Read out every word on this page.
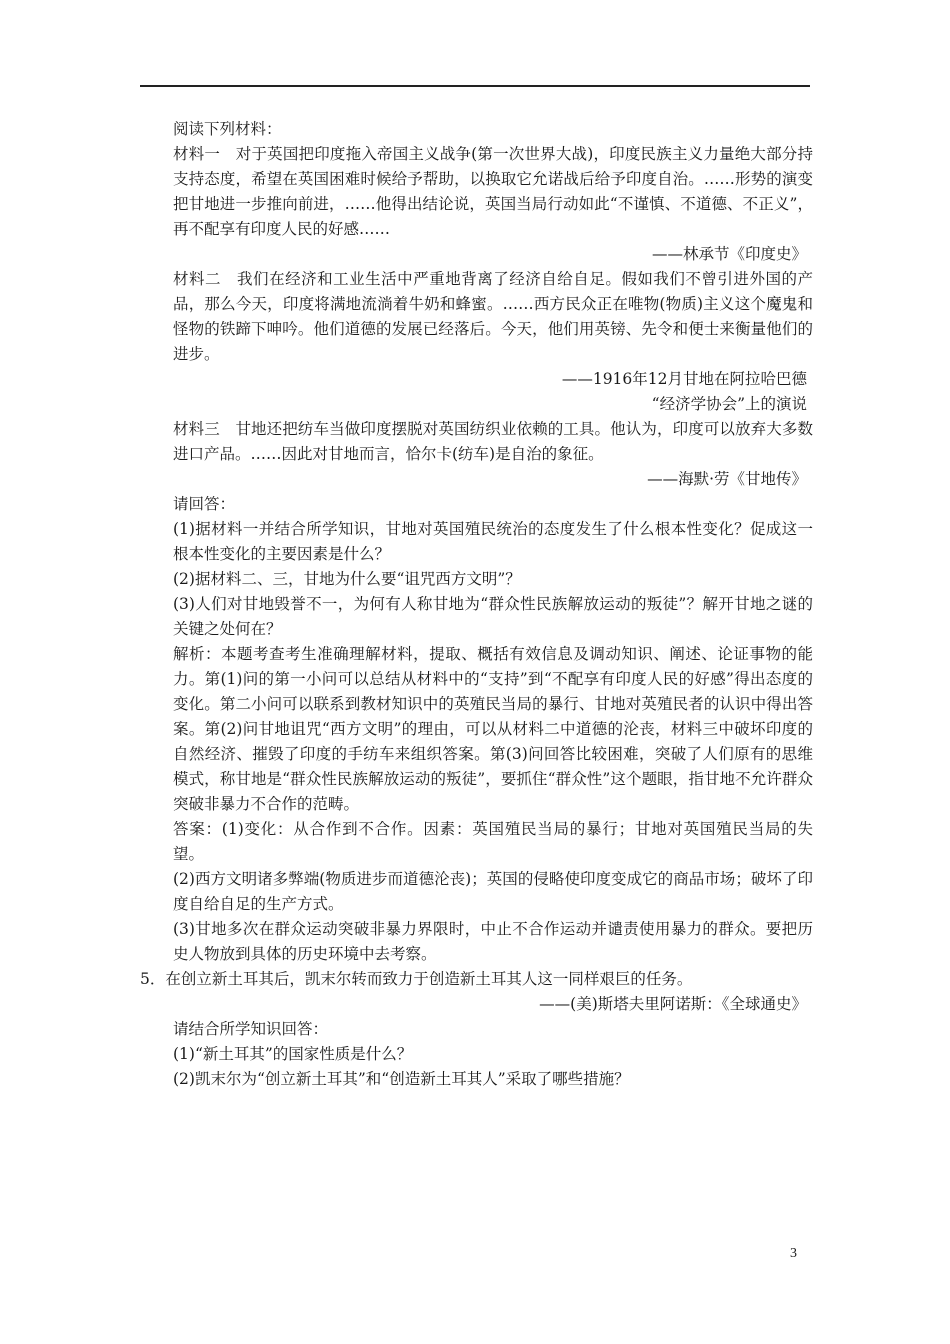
阅读下列材料：

材料一　对于英国把印度拖入帝国主义战争(第一次世界大战)，印度民族主义力量绝大部分持支持态度，希望在英国困难时候给予帮助，以换取它允诺战后给予印度自治。……形势的演变把甘地进一步推向前进，……他得出结论说，英国当局行动如此“不谨慎、不道德、不正义”，再不配享有印度人民的好感……

——林承节《印度史》

材料二　我们在经济和工业生活中严重地背离了经济自给自足。假如我们不曾引进外国的产品，那么今天，印度将满地流淌着牛奶和蜂蜜。……西方民众正在唯物(物质)主义这个魔鬼和怪物的铁蹄下呻吟。他们道德的发展已经落后。今天，他们用英镑、先令和便士来衡量他们的进步。

——1916年12月甘地在阿拉哈巴德

“经济学协会”上的演说

材料三　甘地还把纺车当做印度摆脱对英国纺织业依赖的工具。他认为，印度可以放弃大多数进口产品。……因此对甘地而言，恰尔卡(纺车)是自治的象征。

——海默·劳《甘地传》

请回答：

(1)据材料一并结合所学知识，甘地对英国殖民统治的态度发生了什么根本性变化？促成这一根本性变化的主要因素是什么？

(2)据材料二、三，甘地为什么要“诅咒西方文明”？

(3)人们对甘地毁誉不一，为何有人称甘地为“群众性民族解放运动的叛徒”？解开甘地之谜的关键之处何在？

解析：本题考查考生准确理解材料，提取、概括有效信息及调动知识、阐述、论证事物的能力。第(1)问的第一小问可以总结从材料中的“支持”到“不配享有印度人民的好感”得出态度的变化。第二小问可以联系到教材知识中的英殖民当局的暴行、甘地对英殖民者的认识中得出答案。第(2)问甘地诅咒“西方文明”的理由，可以从材料二中道德的沦丧，材料三中破坏印度的自然经济、摧毁了印度的手纺车来组织答案。第(3)问回答比较困难，突破了人们原有的思维模式，称甘地是“群众性民族解放运动的叛徒”，要抓住“群众性”这个题眼，指甘地不允许群众突破非暴力不合作的范畴。

答案：(1)变化：从合作到不合作。因素：英国殖民当局的暴行；甘地对英国殖民当局的失望。

(2)西方文明诸多弊端(物质进步而道德沦丧)；英国的侵略使印度变成它的商品市场；破坏了印度自给自足的生产方式。

(3)甘地多次在群众运动突破非暴力界限时，中止不合作运动并谴责使用暴力的群众。要把历史人物放到具体的历史环境中去考察。

5．在创立新土耳其后，凯末尔转而致力于创造新土耳其人这一同样艰巨的任务。

——(美)斯塔夫里阿诺斯：《全球通史》

请结合所学知识回答：

(1)“新土耳其”的国家性质是什么？

(2)凯末尔为“创立新土耳其”和“创造新土耳其人”采取了哪些措施？

3
